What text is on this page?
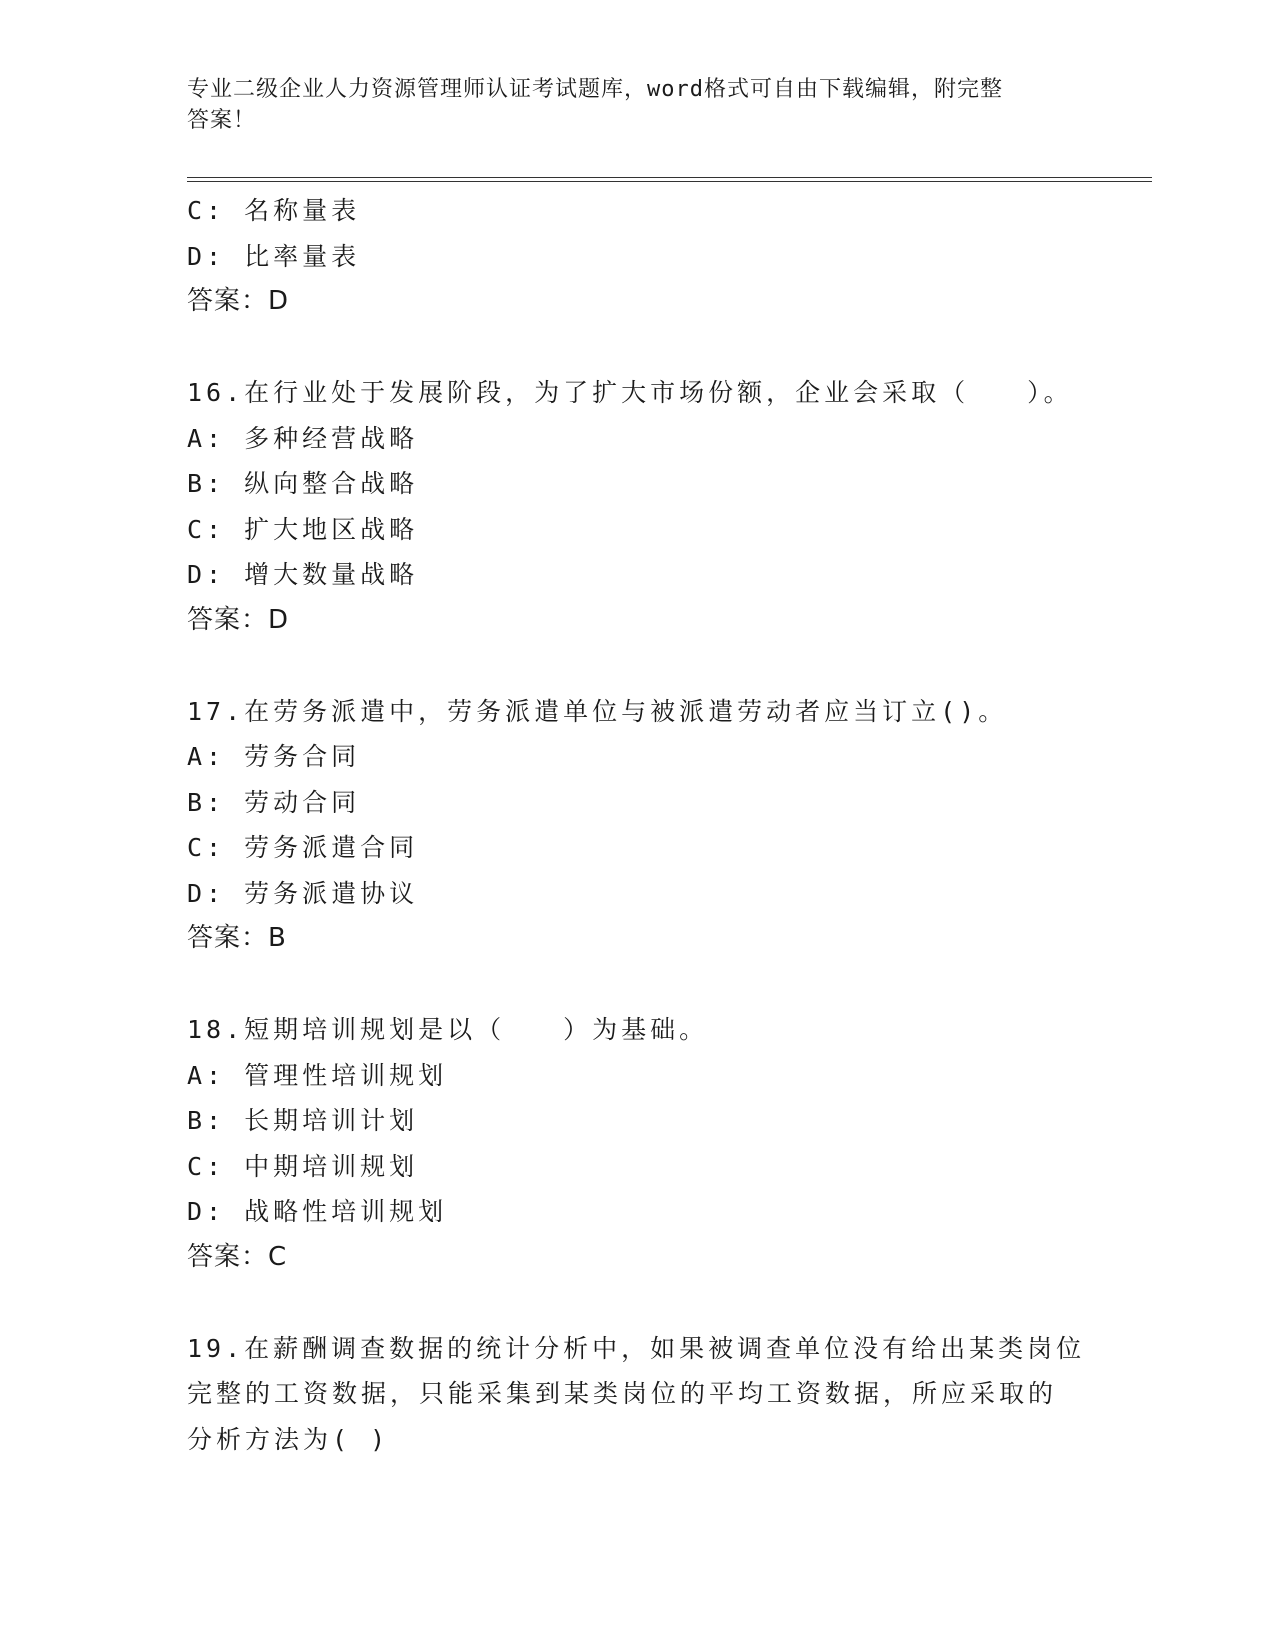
专业二级企业人力资源管理师认证考试题库，word格式可自由下载编辑，附完整
答案！
C: 名称量表
D: 比率量表
答案：D
16.在行业处于发展阶段，为了扩大市场份额，企业会采取（　　）。
A: 多种经营战略
B: 纵向整合战略
C: 扩大地区战略
D: 增大数量战略
答案：D
17.在劳务派遣中，劳务派遣单位与被派遣劳动者应当订立()。
A: 劳务合同
B: 劳动合同
C: 劳务派遣合同
D: 劳务派遣协议
答案：B
18.短期培训规划是以（　　）为基础。
A: 管理性培训规划
B: 长期培训计划
C: 中期培训规划
D: 战略性培训规划
答案：C
19.在薪酬调查数据的统计分析中，如果被调查单位没有给出某类岗位
完整的工资数据，只能采集到某类岗位的平均工资数据，所应采取的
分析方法为( )
